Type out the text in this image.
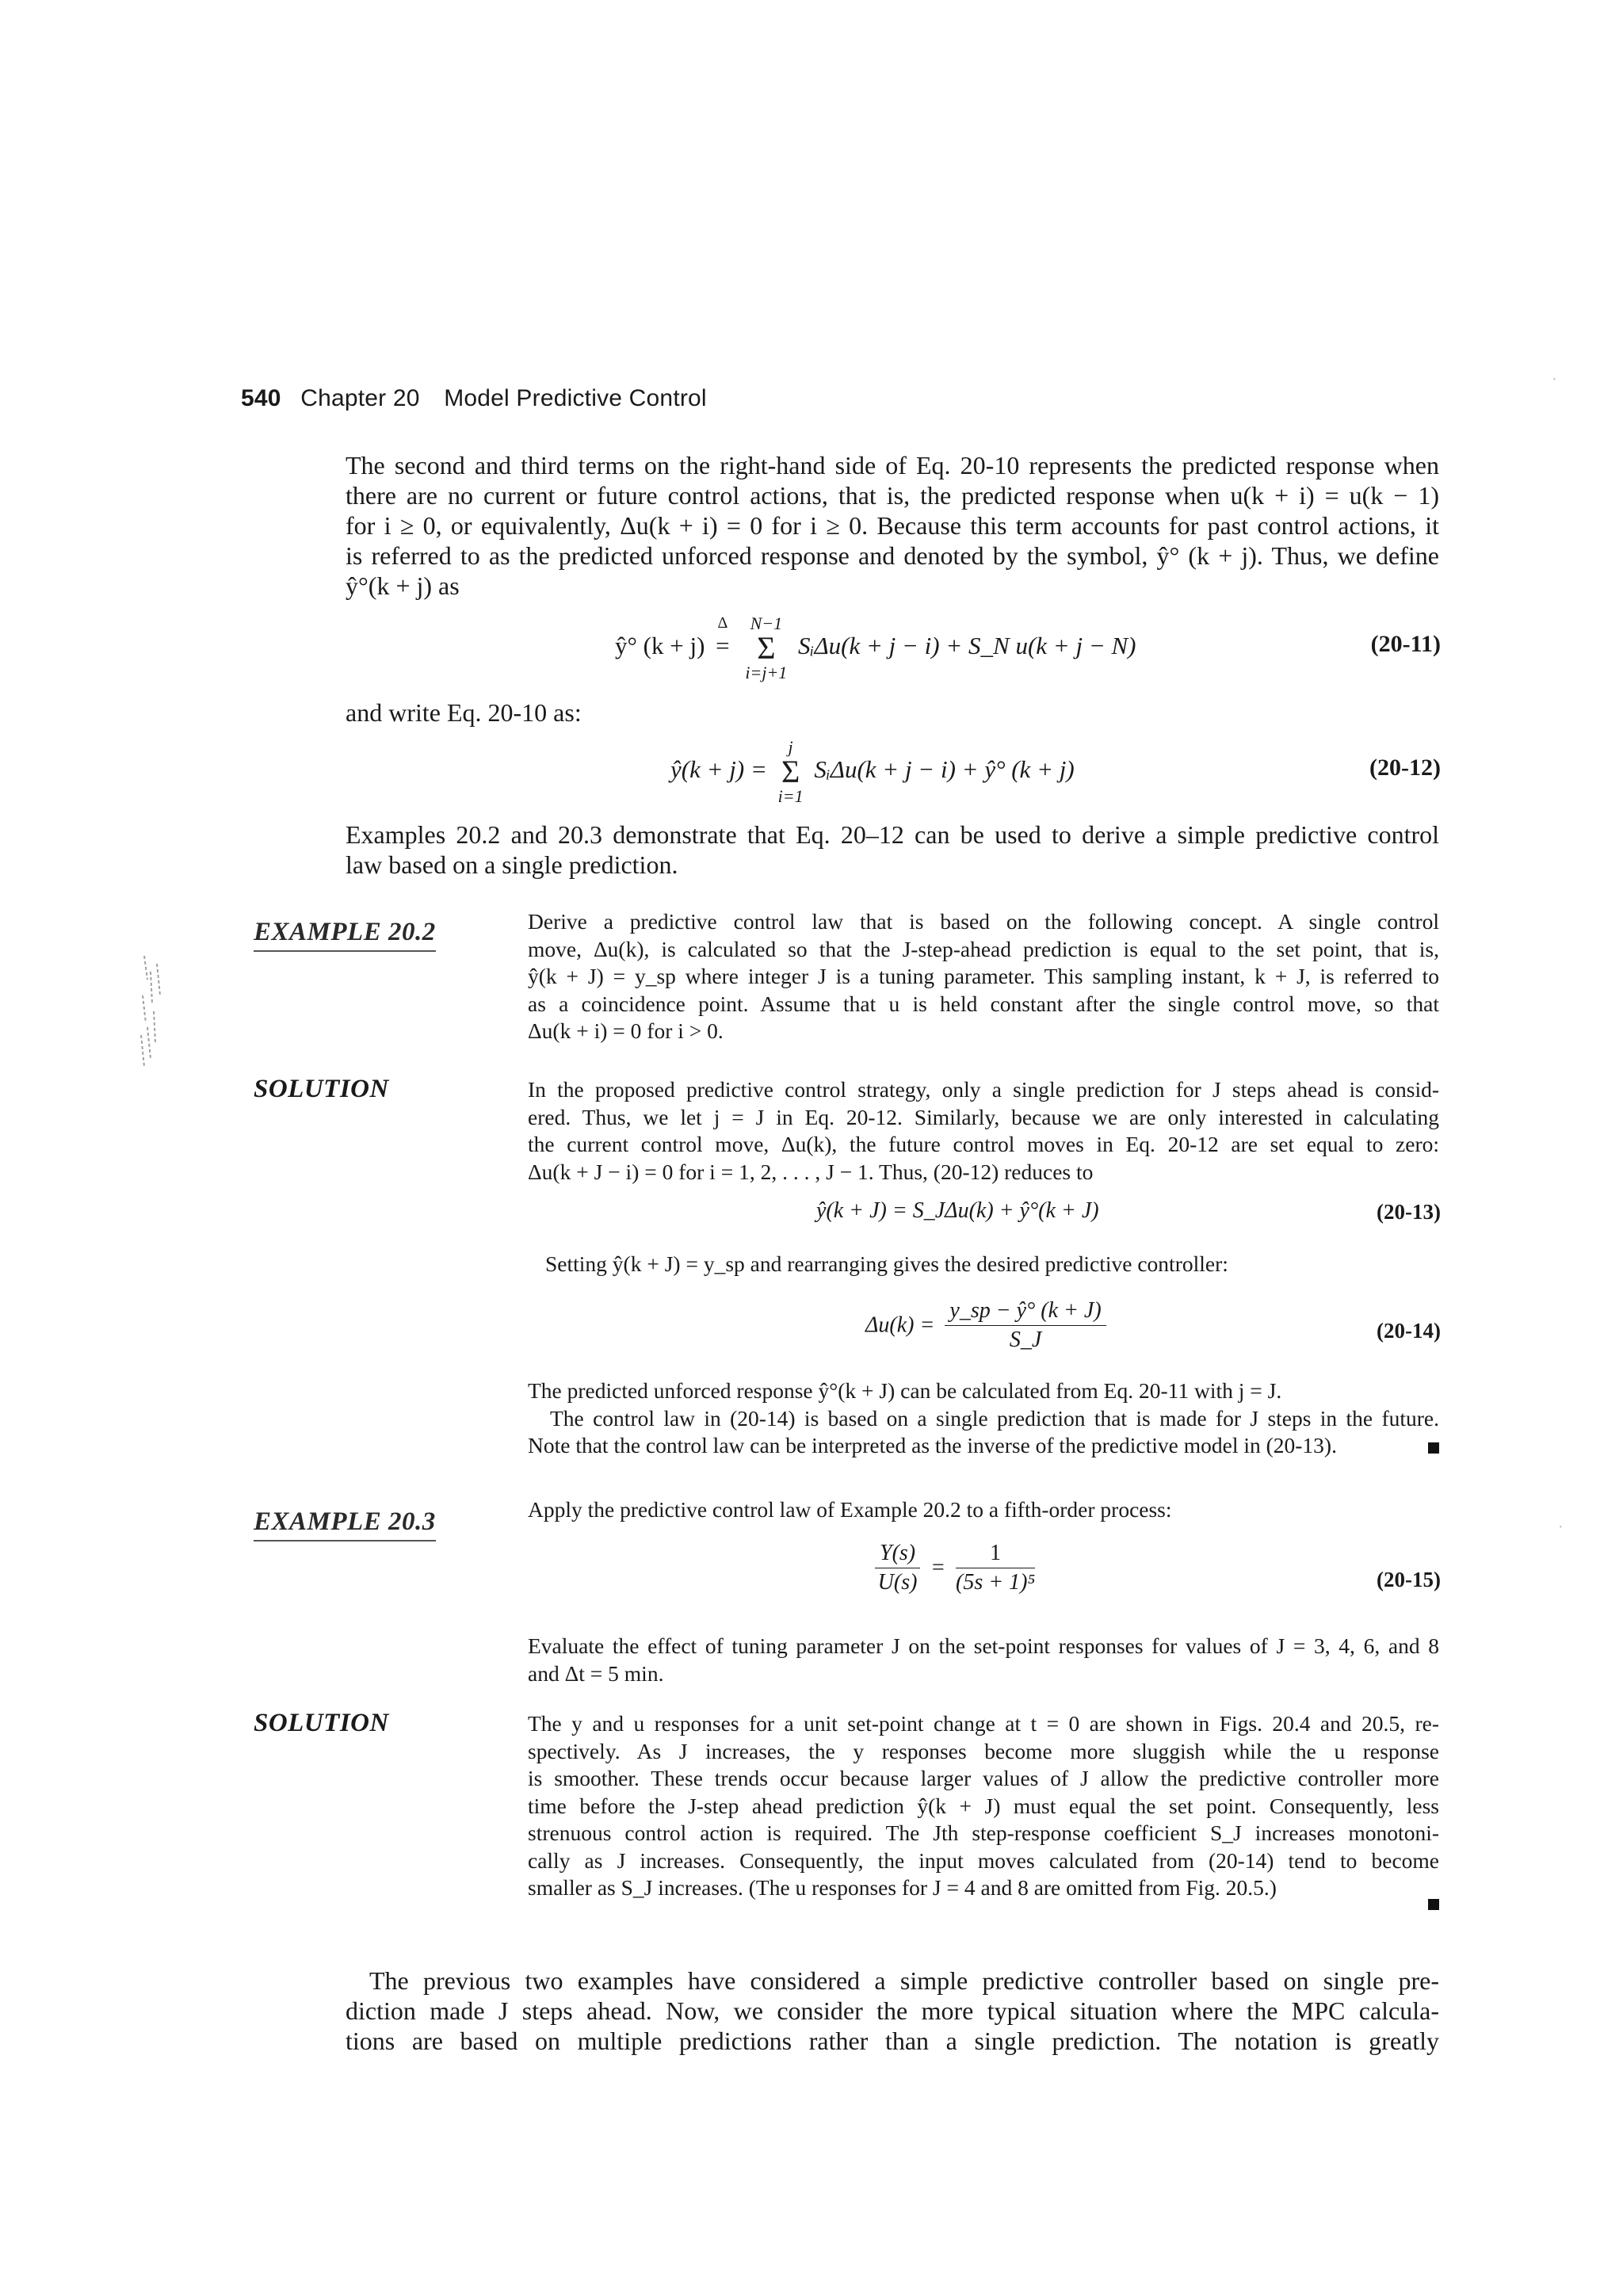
540 Chapter 20 Model Predictive Control
The second and third terms on the right-hand side of Eq. 20-10 represents the predicted response when
there are no current or future control actions, that is, the predicted response when u(k + i) = u(k − 1)
for i ≥ 0, or equivalently, Δu(k + i) = 0 for i ≥ 0. Because this term accounts for past control actions, it
is referred to as the predicted unforced response and denoted by the symbol, ŷ° (k + j). Thus, we define
ŷ°(k + j) as
ŷ° (k + j)
Δ
=
N−1
Σ
i=j+1
SᵢΔu(k + j − i) + S_N u(k + j − N)	(20-11)
and write Eq. 20-10 as:
ŷ(k + j) =
j
Σ
i=1
SᵢΔu(k + j − i) + ŷ° (k + j)	(20-12)
Examples 20.2 and 20.3 demonstrate that Eq. 20–12 can be used to derive a simple predictive control
law based on a single prediction.
EXAMPLE 20.2	Derive a predictive control law that is based on the following concept. A single control
move, Δu(k), is calculated so that the J-step-ahead prediction is equal to the set point, that is,
ŷ(k + J) = y_sp where integer J is a tuning parameter. This sampling instant, k + J, is referred to
as a coincidence point. Assume that u is held constant after the single control move, so that
Δu(k + i) = 0 for i > 0.
SOLUTION	In the proposed predictive control strategy, only a single prediction for J steps ahead is consid-
ered. Thus, we let j = J in Eq. 20-12. Similarly, because we are only interested in calculating
the current control move, Δu(k), the future control moves in Eq. 20-12 are set equal to zero:
Δu(k + J − i) = 0 for i = 1, 2, . . . , J − 1. Thus, (20-12) reduces to
ŷ(k + J) = S_JΔu(k) + ŷ°(k + J)	(20-13)
Setting ŷ(k + J) = y_sp and rearranging gives the desired predictive controller:
$\Delta u(k) = \frac{y\_sp - ŷ^\circ (k + J)}{S\_J}$	(20-14)
The predicted unforced response ŷ°(k + J) can be calculated from Eq. 20-11 with j = J.
The control law in (20-14) is based on a single prediction that is made for J steps in the future.
Note that the control law can be interpreted as the inverse of the predictive model in (20-13).
EXAMPLE 20.3	Apply the predictive control law of Example 20.2 to a fifth-order process:
$\frac{Y(s)}{U(s)} = \frac{1}{\text{(5s + 1)⁵}}$	(20-15)
Evaluate the effect of tuning parameter J on the set-point responses for values of J = 3, 4, 6, and 8
and Δt = 5 min.
SOLUTION	The y and u responses for a unit set-point change at t = 0 are shown in Figs. 20.4 and 20.5, re-
spectively. As J increases, the y responses become more sluggish while the u response
is smoother. These trends occur because larger values of J allow the predictive controller more
time before the J-step ahead prediction ŷ(k + J) must equal the set point. Consequently, less
strenuous control action is required. The Jth step-response coefficient S_J increases monotoni-
cally as J increases. Consequently, the input moves calculated from (20-14) tend to become
smaller as S_J increases. (The u responses for J = 4 and 8 are omitted from Fig. 20.5.)
The previous two examples have considered a simple predictive controller based on single pre-
diction made J steps ahead. Now, we consider the more typical situation where the MPC calcula-
tions are based on multiple predictions rather than a single prediction. The notation is greatly
·
·
